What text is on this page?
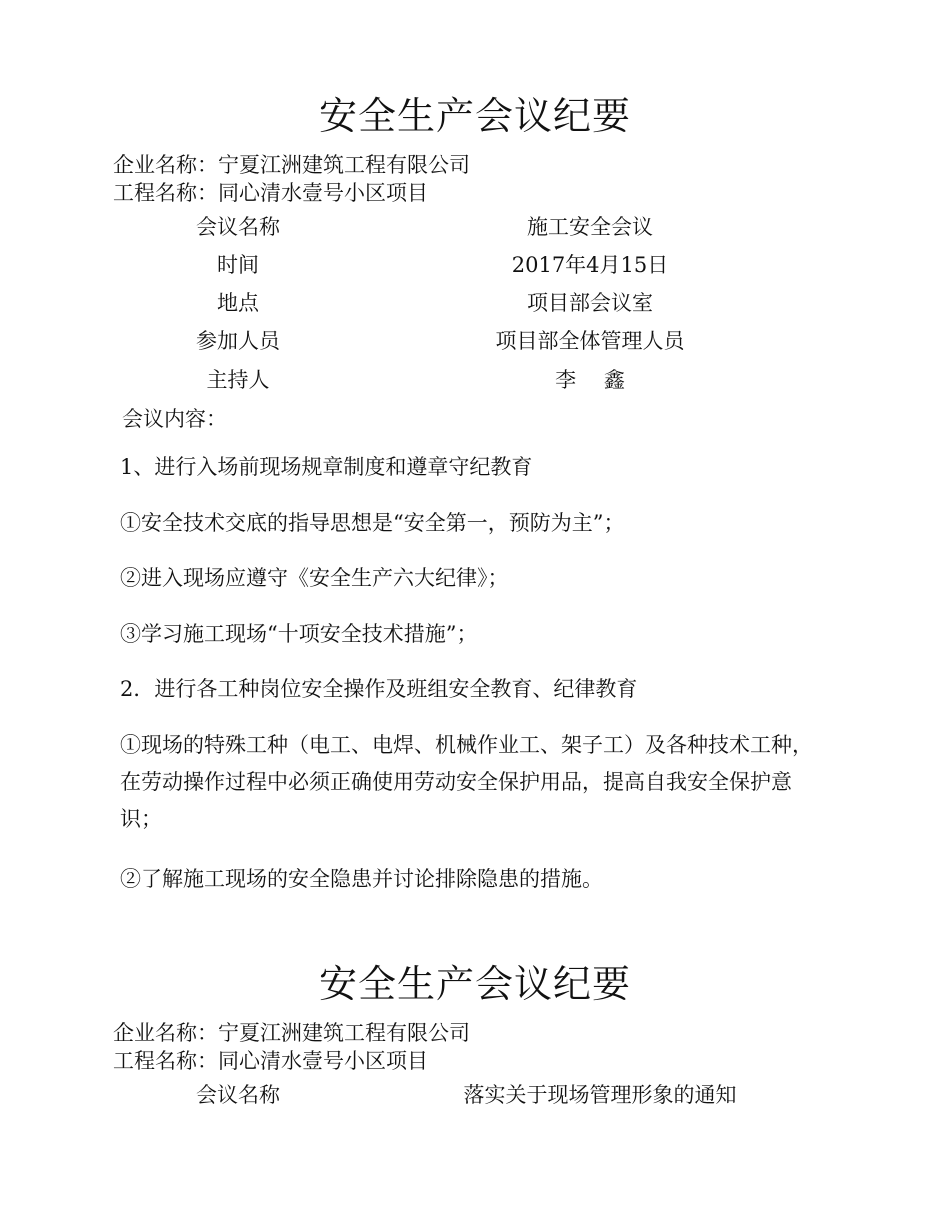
安全生产会议纪要
企业名称：宁夏江洲建筑工程有限公司
工程名称：同心清水壹号小区项目
会议名称	施工安全会议
时间	2017年4月15日
地点	项目部会议室
参加人员	项目部全体管理人员
主持人	李　 鑫
会议内容：
1、进行入场前现场规章制度和遵章守纪教育
①安全技术交底的指导思想是“安全第一，预防为主”；
②进入现场应遵守《安全生产六大纪律》；
③学习施工现场“十项安全技术措施”；
2．进行各工种岗位安全操作及班组安全教育、纪律教育
①现场的特殊工种（电工、电焊、机械作业工、架子工）及各种技术工种，在劳动操作过程中必须正确使用劳动安全保护用品，提高自我安全保护意识；
②了解施工现场的安全隐患并讨论排除隐患的措施。
安全生产会议纪要
企业名称：宁夏江洲建筑工程有限公司
工程名称：同心清水壹号小区项目
会议名称	落实关于现场管理形象的通知
